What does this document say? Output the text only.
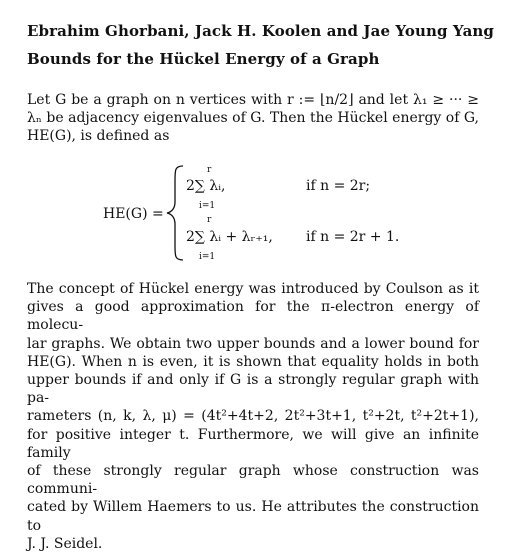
Ebrahim Ghorbani, Jack H. Koolen and Jae Young Yang
Bounds for the Hückel Energy of a Graph
Let G be a graph on n vertices with r := ⌊n/2⌋ and let λ₁ ≥ ··· ≥
λₙ be adjacency eigenvalues of G. Then the Hückel energy of G,
HE(G), is defined as
HE(G) =
r
2∑ λᵢ,
i=1
if n = 2r;
r
2∑ λᵢ + λᵣ₊₁,
i=1
if n = 2r + 1.
The concept of Hückel energy was introduced by Coulson as it
gives a good approximation for the π-electron energy of molecu-
lar graphs. We obtain two upper bounds and a lower bound for
HE(G). When n is even, it is shown that equality holds in both
upper bounds if and only if G is a strongly regular graph with pa-
rameters (n, k, λ, μ) = (4t²+4t+2, 2t²+3t+1, t²+2t, t²+2t+1),
for positive integer t. Furthermore, we will give an infinite family
of these strongly regular graph whose construction was communi-
cated by Willem Haemers to us. He attributes the construction to
J. J. Seidel.
